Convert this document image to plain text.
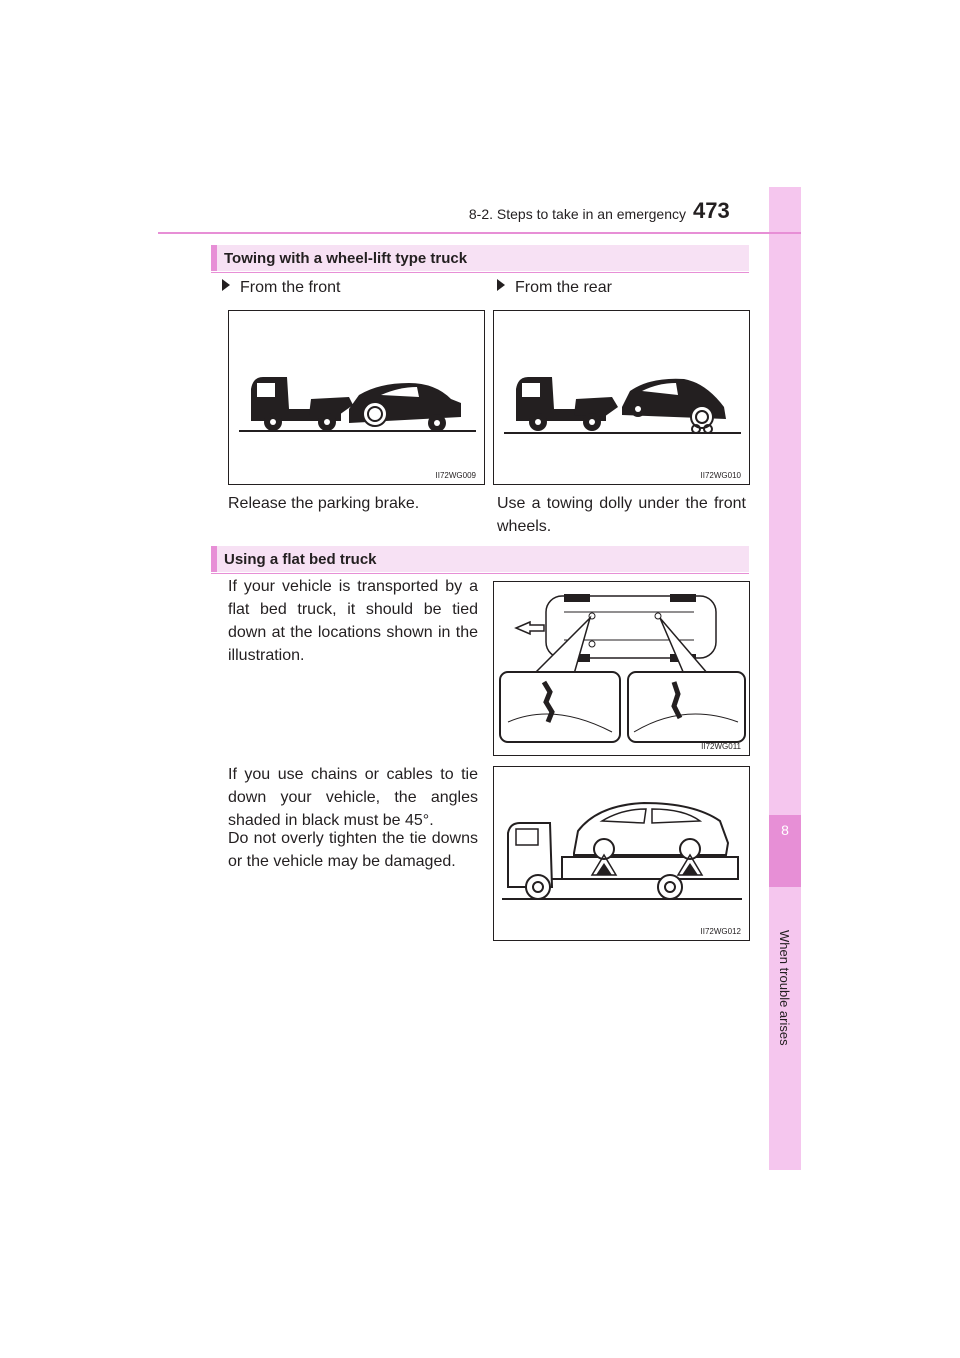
8
When trouble arises
8-2. Steps to take in an emergency 473
Towing with a wheel-lift type truck
From the front	From the rear
II72WG009	II72WG010
Release the parking brake.	Use a towing dolly under the front wheels.
Using a flat bed truck
If your vehicle is transported by a flat bed truck, it should be tied down at the locations shown in the illustration.
If you use chains or cables to tie down your vehicle, the angles shaded in black must be 45°.
Do not overly tighten the tie downs or the vehicle may be damaged.
II72WG011
II72WG012
